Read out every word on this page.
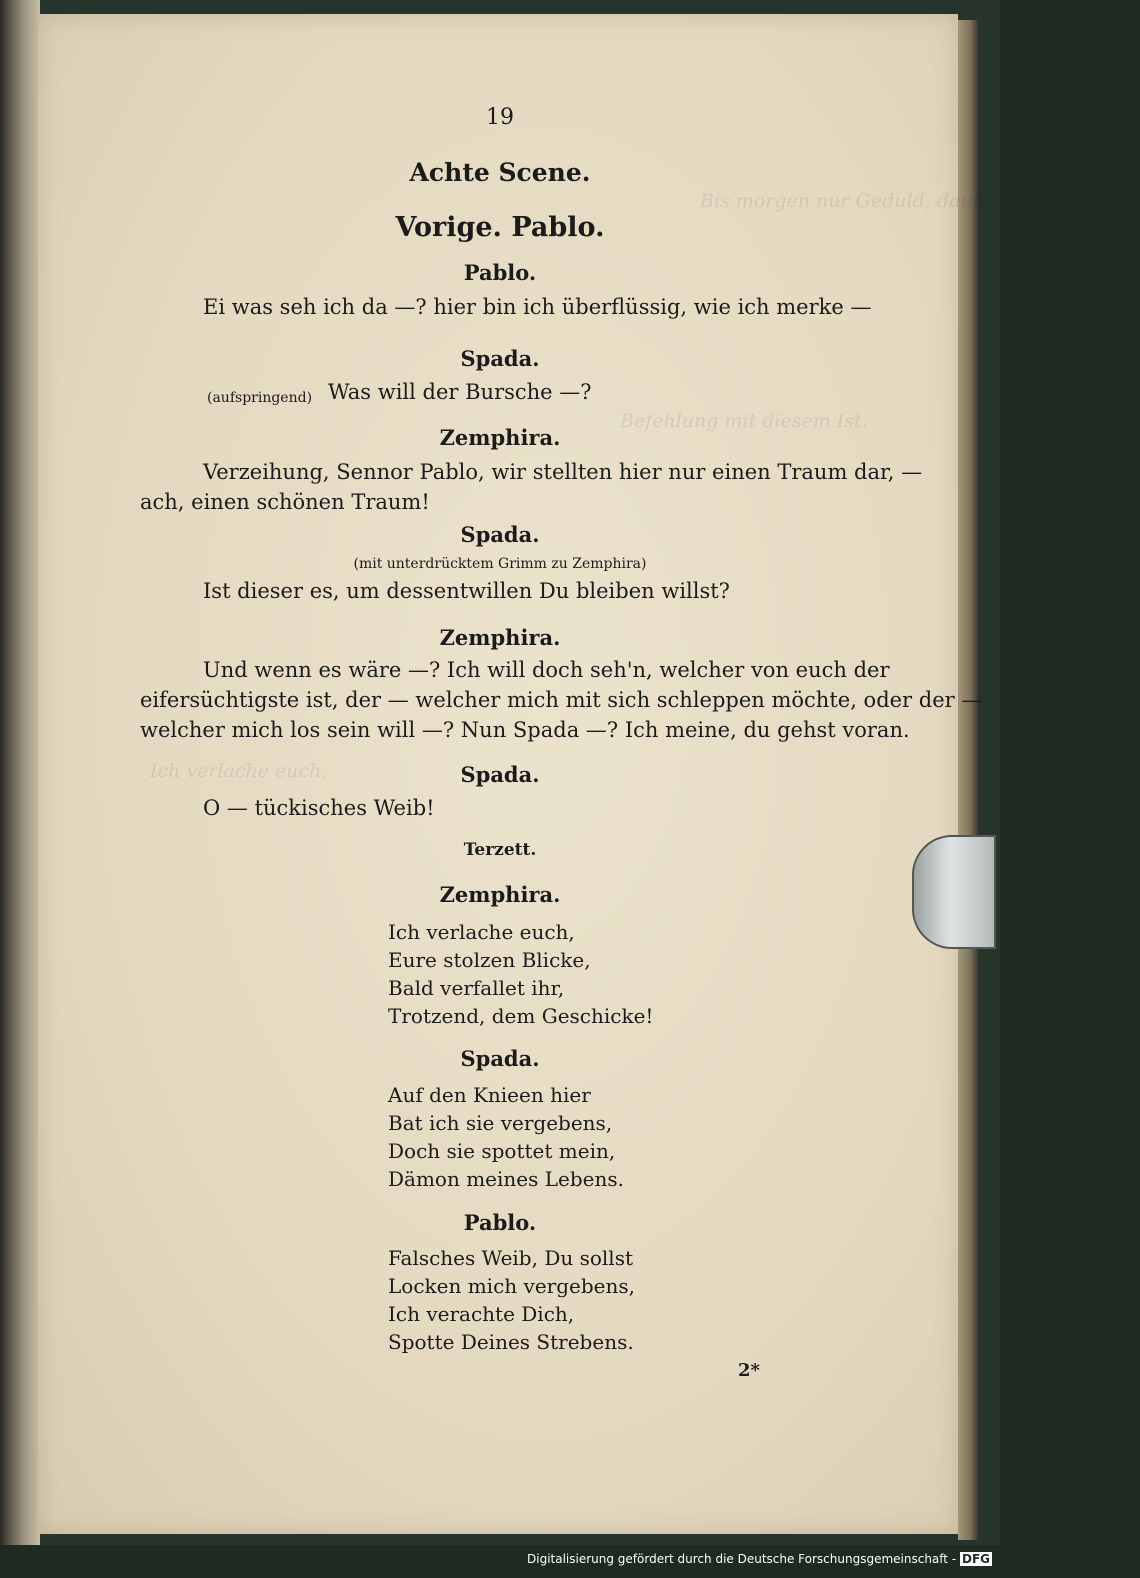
Bis morgen nur Geduld, dann magst Du seh'n
Befehlung mit diesem Ist.
Ich verlache euch,
19
Achte Scene.
Vorige. Pablo.
Pablo.
Ei was seh ich da —? hier bin ich überflüssig, wie ich merke —
Spada.
(aufspringend) Was will der Bursche —?
Zemphira.
Verzeihung, Sennor Pablo, wir stellten hier nur einen Traum dar, —
ach, einen schönen Traum!
Spada.
(mit unterdrücktem Grimm zu Zemphira)
Ist dieser es, um dessentwillen Du bleiben willst?
Zemphira.
Und wenn es wäre —? Ich will doch seh'n, welcher von euch der
eifersüchtigste ist, der — welcher mich mit sich schleppen möchte, oder der —
welcher mich los sein will —? Nun Spada —? Ich meine, du gehst voran.
Spada.
O — tückisches Weib!
Terzett.
Zemphira.
Ich verlache euch,
Eure stolzen Blicke,
Bald verfallet ihr,
Trotzend, dem Geschicke!
Spada.
Auf den Knieen hier
Bat ich sie vergebens,
Doch sie spottet mein,
Dämon meines Lebens.
Pablo.
Falsches Weib, Du sollst
Locken mich vergebens,
Ich verachte Dich,
Spotte Deines Strebens.
2*
Digitalisierung gefördert durch die Deutsche Forschungsgemeinschaft - DFG
